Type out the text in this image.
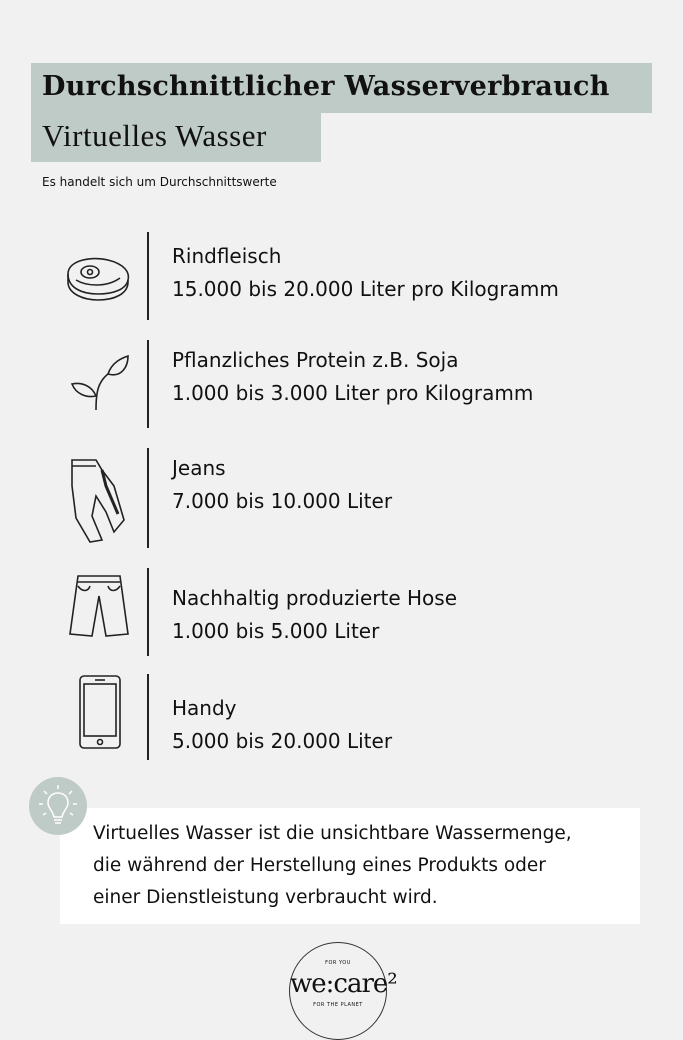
Durchschnittlicher Wasserverbrauch
Virtuelles Wasser
Es handelt sich um Durchschnittswerte
Rindfleisch
15.000 bis 20.000 Liter pro Kilogramm
Pflanzliches Protein z.B. Soja
1.000 bis 3.000 Liter pro Kilogramm
Jeans
7.000 bis 10.000 Liter
Nachhaltig produzierte Hose
1.000 bis 5.000 Liter
Handy
5.000 bis 20.000 Liter
Virtuelles Wasser ist die unsichtbare Wassermenge,
die während der Herstellung eines Produkts oder
einer Dienstleistung verbraucht wird.
FOR YOU
we:care²
FOR THE PLANET
